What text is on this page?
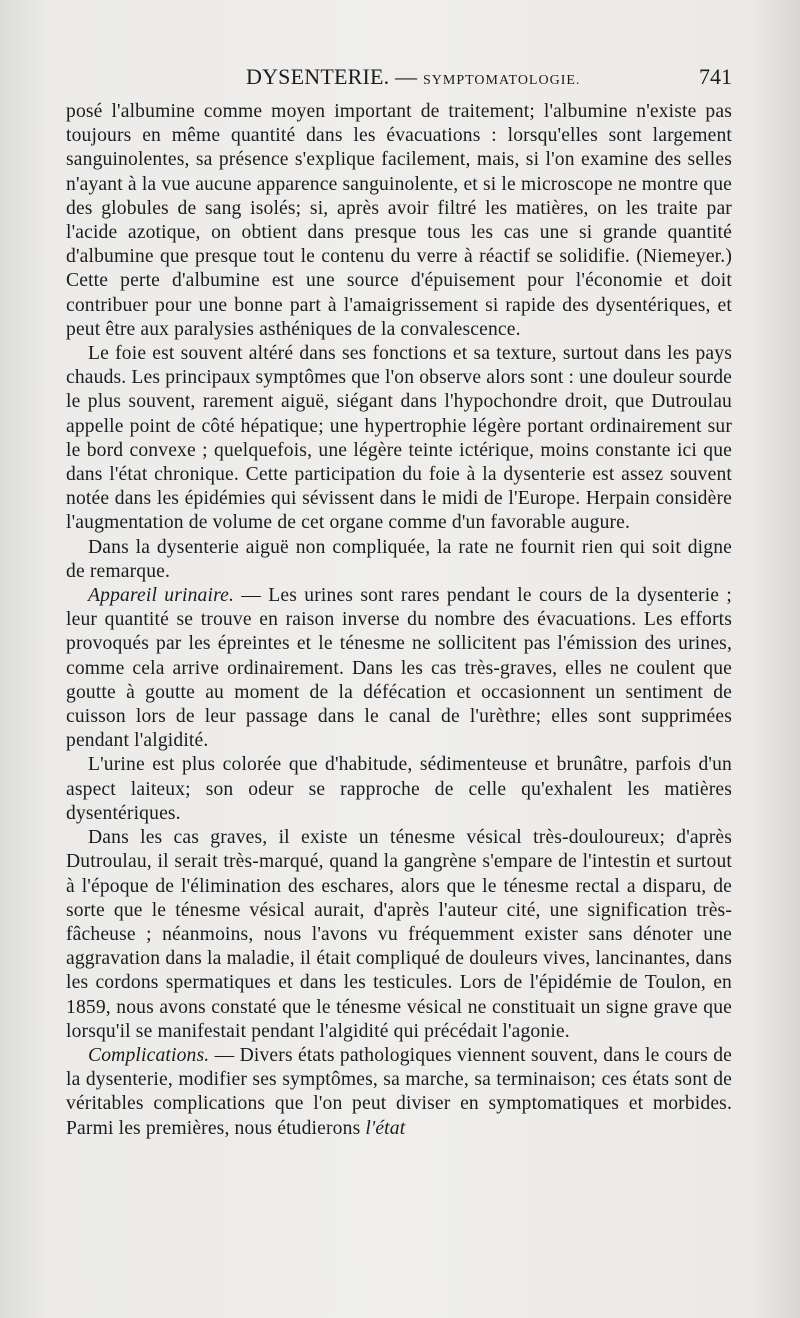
DYSENTERIE. — SYMPTOMATOLOGIE.	741

posé l'albumine comme moyen important de traitement; l'albumine n'existe pas toujours en même quantité dans les évacuations : lorsqu'elles sont largement sanguinolentes, sa présence s'explique facilement, mais, si l'on examine des selles n'ayant à la vue aucune apparence sanguinolente, et si le microscope ne montre que des globules de sang isolés; si, après avoir filtré les matières, on les traite par l'acide azotique, on obtient dans presque tous les cas une si grande quantité d'albumine que presque tout le contenu du verre à réactif se solidifie. (Niemeyer.) Cette perte d'albumine est une source d'épuisement pour l'économie et doit contribuer pour une bonne part à l'amaigrissement si rapide des dysentériques, et peut être aux paralysies asthéniques de la convalescence.

Le foie est souvent altéré dans ses fonctions et sa texture, surtout dans les pays chauds. Les principaux symptômes que l'on observe alors sont : une douleur sourde le plus souvent, rarement aiguë, siégant dans l'hypochondre droit, que Dutroulau appelle point de côté hépatique; une hypertrophie légère portant ordinairement sur le bord convexe ; quelquefois, une légère teinte ictérique, moins constante ici que dans l'état chronique. Cette participation du foie à la dysenterie est assez souvent notée dans les épidémies qui sévissent dans le midi de l'Europe. Herpain considère l'augmentation de volume de cet organe comme d'un favorable augure.

Dans la dysenterie aiguë non compliquée, la rate ne fournit rien qui soit digne de remarque.

Appareil urinaire. — Les urines sont rares pendant le cours de la dysenterie ; leur quantité se trouve en raison inverse du nombre des évacuations. Les efforts provoqués par les épreintes et le ténesme ne sollicitent pas l'émission des urines, comme cela arrive ordinairement. Dans les cas très-graves, elles ne coulent que goutte à goutte au moment de la défécation et occasionnent un sentiment de cuisson lors de leur passage dans le canal de l'urèthre; elles sont supprimées pendant l'algidité.

L'urine est plus colorée que d'habitude, sédimenteuse et brunâtre, parfois d'un aspect laiteux; son odeur se rapproche de celle qu'exhalent les matières dysentériques.

Dans les cas graves, il existe un ténesme vésical très-douloureux; d'après Dutroulau, il serait très-marqué, quand la gangrène s'empare de l'intestin et surtout à l'époque de l'élimination des eschares, alors que le ténesme rectal a disparu, de sorte que le ténesme vésical aurait, d'après l'auteur cité, une signification très-fâcheuse ; néanmoins, nous l'avons vu fréquemment exister sans dénoter une aggravation dans la maladie, il était compliqué de douleurs vives, lancinantes, dans les cordons spermatiques et dans les testicules. Lors de l'épidémie de Toulon, en 1859, nous avons constaté que le ténesme vésical ne constituait un signe grave que lorsqu'il se manifestait pendant l'algidité qui précédait l'agonie.

Complications. — Divers états pathologiques viennent souvent, dans le cours de la dysenterie, modifier ses symptômes, sa marche, sa terminaison; ces états sont de véritables complications que l'on peut diviser en symptomatiques et morbides. Parmi les premières, nous étudierons l'état
